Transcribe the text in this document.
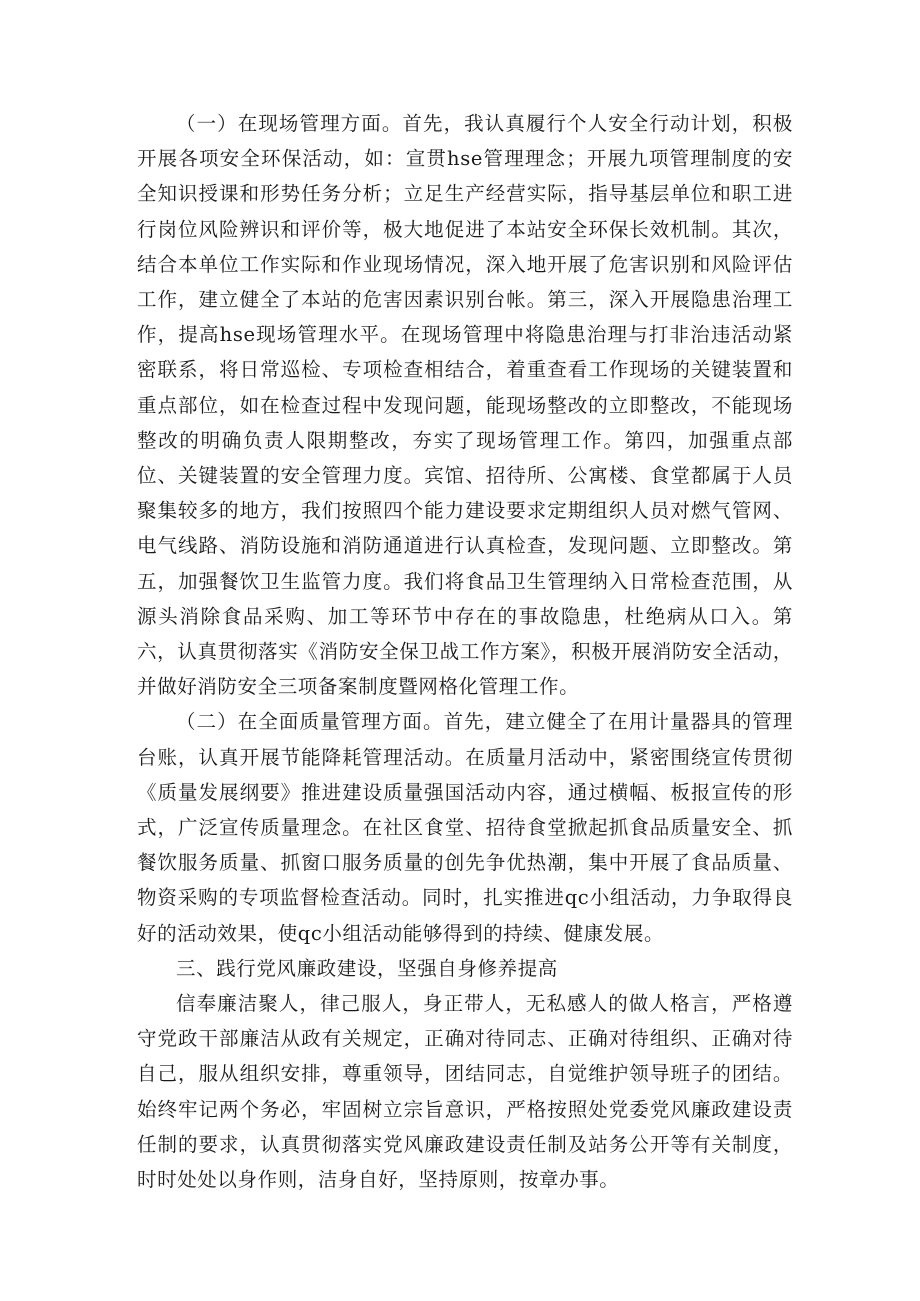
（一）在现场管理方面。首先，我认真履行个人安全行动计划，积极开展各项安全环保活动，如：宣贯hse管理理念；开展九项管理制度的安全知识授课和形势任务分析；立足生产经营实际，指导基层单位和职工进行岗位风险辨识和评价等，极大地促进了本站安全环保长效机制。其次，结合本单位工作实际和作业现场情况，深入地开展了危害识别和风险评估工作，建立健全了本站的危害因素识别台帐。第三，深入开展隐患治理工作，提高hse现场管理水平。在现场管理中将隐患治理与打非治违活动紧密联系，将日常巡检、专项检查相结合，着重查看工作现场的关键装置和重点部位，如在检查过程中发现问题，能现场整改的立即整改，不能现场整改的明确负责人限期整改，夯实了现场管理工作。第四，加强重点部位、关键装置的安全管理力度。宾馆、招待所、公寓楼、食堂都属于人员聚集较多的地方，我们按照四个能力建设要求定期组织人员对燃气管网、电气线路、消防设施和消防通道进行认真检查，发现问题、立即整改。第五，加强餐饮卫生监管力度。我们将食品卫生管理纳入日常检查范围，从源头消除食品采购、加工等环节中存在的事故隐患，杜绝病从口入。第六，认真贯彻落实《消防安全保卫战工作方案》，积极开展消防安全活动，并做好消防安全三项备案制度暨网格化管理工作。

（二）在全面质量管理方面。首先，建立健全了在用计量器具的管理台账，认真开展节能降耗管理活动。在质量月活动中，紧密围绕宣传贯彻《质量发展纲要》推进建设质量强国活动内容，通过横幅、板报宣传的形式，广泛宣传质量理念。在社区食堂、招待食堂掀起抓食品质量安全、抓餐饮服务质量、抓窗口服务质量的创先争优热潮，集中开展了食品质量、物资采购的专项监督检查活动。同时，扎实推进qc小组活动，力争取得良好的活动效果，使qc小组活动能够得到的持续、健康发展。

三、践行党风廉政建设，坚强自身修养提高

信奉廉洁聚人，律己服人，身正带人，无私感人的做人格言，严格遵守党政干部廉洁从政有关规定，正确对待同志、正确对待组织、正确对待自己，服从组织安排，尊重领导，团结同志，自觉维护领导班子的团结。始终牢记两个务必，牢固树立宗旨意识，严格按照处党委党风廉政建设责任制的要求，认真贯彻落实党风廉政建设责任制及站务公开等有关制度，时时处处以身作则，洁身自好，坚持原则，按章办事。
